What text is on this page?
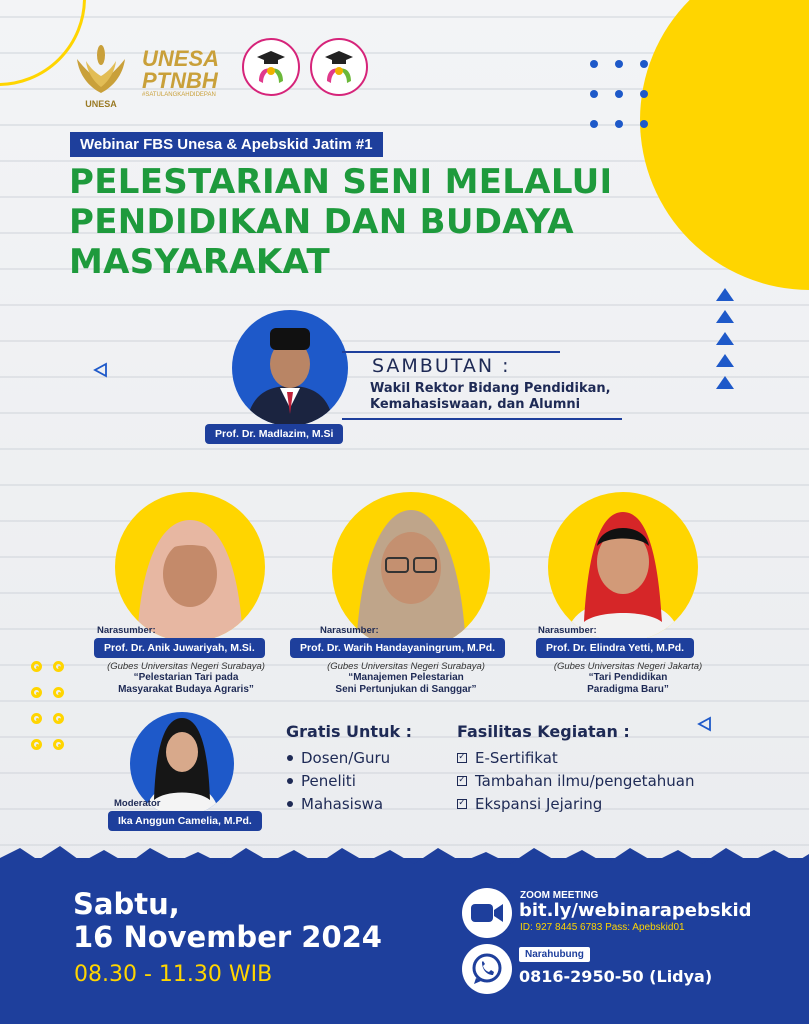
UNESA
UNESA
PTNBH
#SATULANGKAHDIDEPAN
Webinar FBS Unesa & Apebskid Jatim #1
PELESTARIAN SENI MELALUI
PENDIDIKAN DAN BUDAYA
MASYARAKAT
SAMBUTAN :
Wakil Rektor Bidang Pendidikan,
Kemahasiswaan, dan Alumni
Prof. Dr. Madlazim, M.Si
Narasumber:
Prof. Dr. Anik Juwariyah, M.Si.
(Gubes Universitas Negeri Surabaya)
“Pelestarian Tari pada
Masyarakat Budaya Agraris”
Narasumber:
Prof. Dr. Warih Handayaningrum, M.Pd.
(Gubes Universitas Negeri Surabaya)
“Manajemen Pelestarian
Seni Pertunjukan di Sanggar”
Narasumber:
Prof. Dr. Elindra Yetti, M.Pd.
(Gubes Universitas Negeri Jakarta)
“Tari Pendidikan
Paradigma Baru”
Moderator
Ika Anggun Camelia, M.Pd.
Gratis Untuk :
Dosen/Guru
Peneliti
Mahasiswa
Fasilitas Kegiatan :
✓ E-Sertifikat
✓ Tambahan ilmu/pengetahuan
✓ Ekspansi Jejaring
Sabtu,
16 November 2024
08.30 - 11.30 WIB
ZOOM MEETING
bit.ly/webinarapebskid
ID: 927 8445 6783 Pass: Apebskid01
Narahubung
0816-2950-50 (Lidya)
